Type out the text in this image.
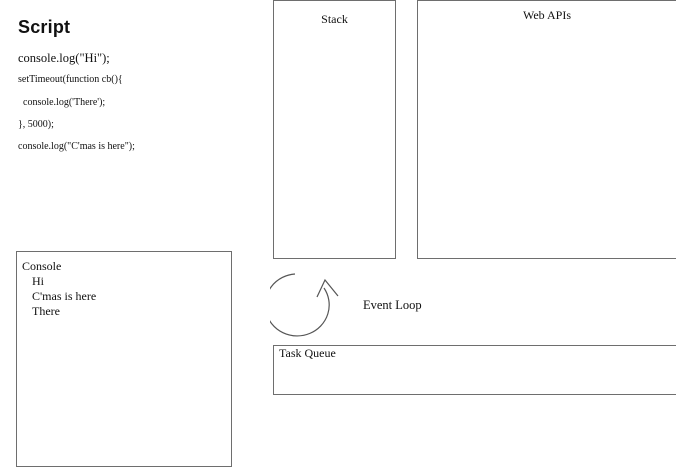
Script
console.log("Hi");
setTimeout(function cb(){
console.log('There');
}, 5000);
console.log("C'mas is here");
Stack	Web APIs
Console
Hi
C'mas is here
There	Event Loop
Task Queue
